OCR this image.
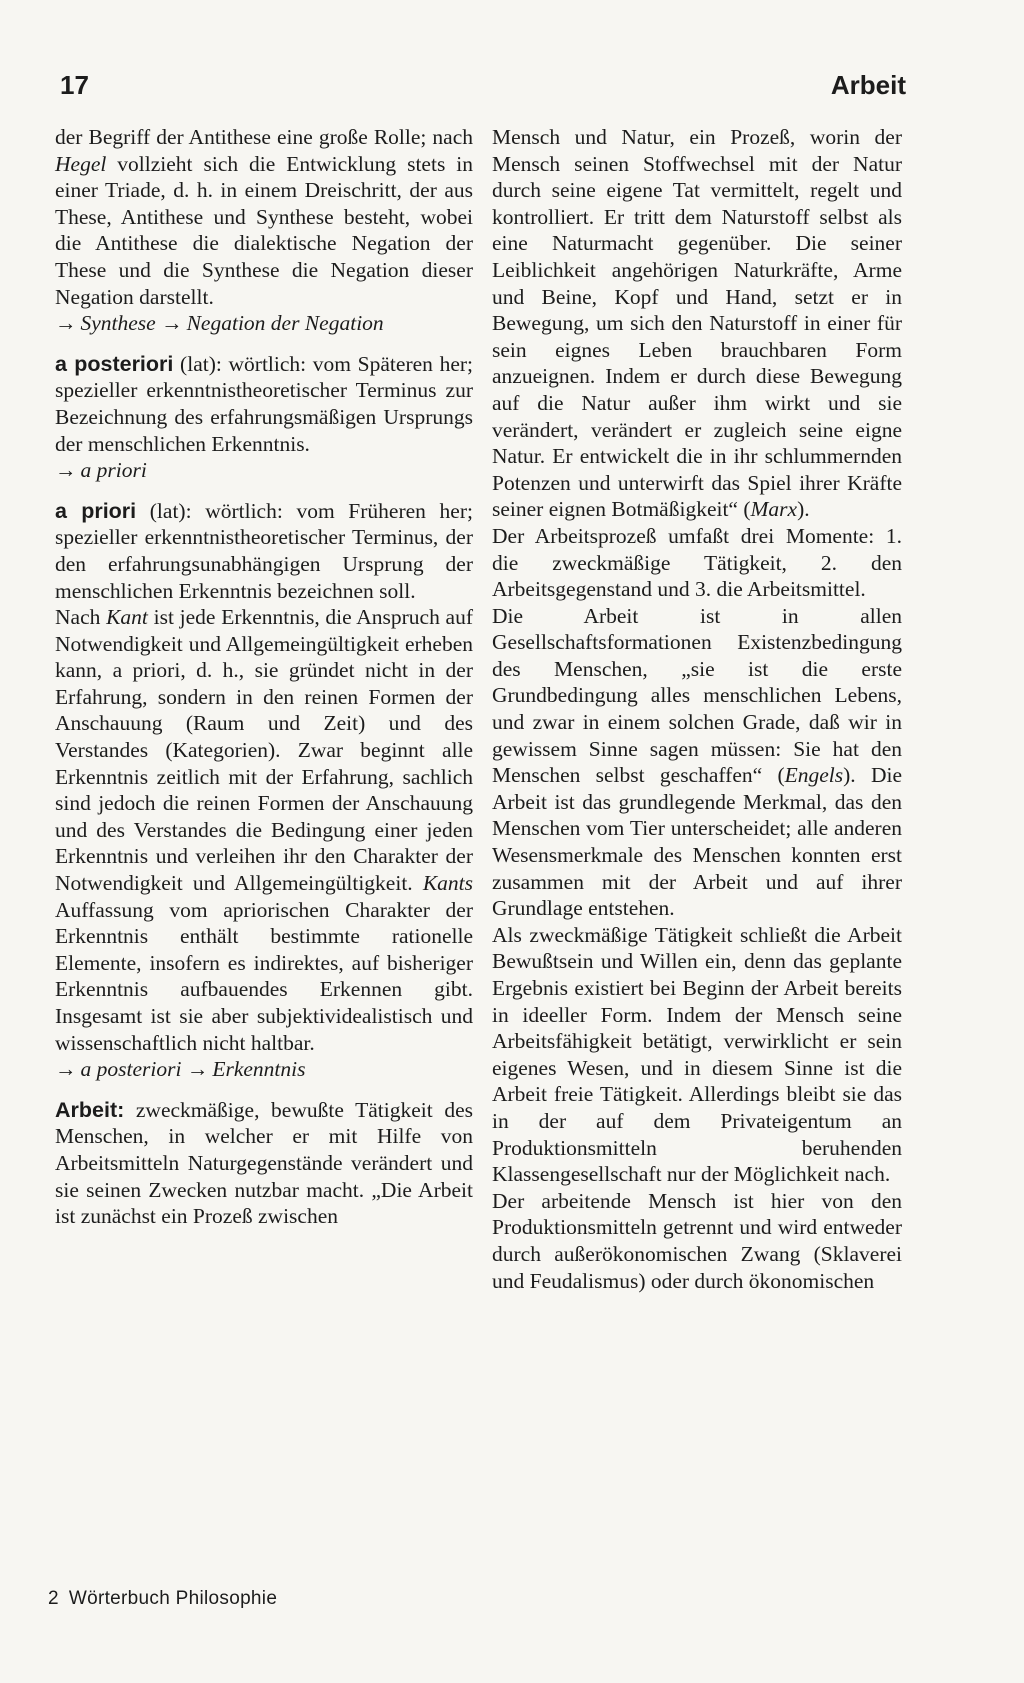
17	Arbeit

der Begriff der Antithese eine große Rolle; nach Hegel vollzieht sich die Entwicklung stets in einer Triade, d. h. in einem Dreischritt, der aus These, Antithese und Synthese besteht, wobei die Antithese die dialektische Negation der These und die Synthese die Negation dieser Negation darstellt.

→ Synthese → Negation der Negation

a posteriori (lat): wörtlich: vom Späteren her; spezieller erkenntnistheoretischer Terminus zur Bezeichnung des erfahrungsmäßigen Ursprungs der menschlichen Erkenntnis.

→ a priori

a priori (lat): wörtlich: vom Früheren her; spezieller erkenntnistheoretischer Terminus, der den erfahrungsunabhängigen Ursprung der menschlichen Erkenntnis bezeichnen soll.

Nach Kant ist jede Erkenntnis, die Anspruch auf Notwendigkeit und Allgemeingültigkeit erheben kann, a priori, d. h., sie gründet nicht in der Erfahrung, sondern in den reinen Formen der Anschauung (Raum und Zeit) und des Verstandes (Kategorien). Zwar beginnt alle Erkenntnis zeitlich mit der Erfahrung, sachlich sind jedoch die reinen Formen der Anschauung und des Verstandes die Bedingung einer jeden Erkenntnis und verleihen ihr den Charakter der Notwendigkeit und Allgemeingültigkeit. Kants Auffassung vom apriorischen Charakter der Erkenntnis enthält bestimmte rationelle Elemente, insofern es indirektes, auf bisheriger Erkenntnis aufbauendes Erkennen gibt. Insgesamt ist sie aber subjektividealistisch und wissenschaftlich nicht haltbar.

→ a posteriori → Erkenntnis

Arbeit: zweckmäßige, bewußte Tätigkeit des Menschen, in welcher er mit Hilfe von Arbeitsmitteln Naturgegenstände verändert und sie seinen Zwecken nutzbar macht. „Die Arbeit ist zunächst ein Prozeß zwischen

Mensch und Natur, ein Prozeß, worin der Mensch seinen Stoffwechsel mit der Natur durch seine eigene Tat vermittelt, regelt und kontrolliert. Er tritt dem Naturstoff selbst als eine Naturmacht gegenüber. Die seiner Leiblichkeit angehörigen Naturkräfte, Arme und Beine, Kopf und Hand, setzt er in Bewegung, um sich den Naturstoff in einer für sein eignes Leben brauchbaren Form anzueignen. Indem er durch diese Bewegung auf die Natur außer ihm wirkt und sie verändert, verändert er zugleich seine eigne Natur. Er entwickelt die in ihr schlummernden Potenzen und unterwirft das Spiel ihrer Kräfte seiner eignen Botmäßigkeit“ (Marx).

Der Arbeitsprozeß umfaßt drei Momente: 1. die zweckmäßige Tätigkeit, 2. den Arbeitsgegenstand und 3. die Arbeitsmittel.

Die Arbeit ist in allen Gesellschaftsformationen Existenzbedingung des Menschen, „sie ist die erste Grundbedingung alles menschlichen Lebens, und zwar in einem solchen Grade, daß wir in gewissem Sinne sagen müssen: Sie hat den Menschen selbst geschaffen“ (Engels). Die Arbeit ist das grundlegende Merkmal, das den Menschen vom Tier unterscheidet; alle anderen Wesensmerkmale des Menschen konnten erst zusammen mit der Arbeit und auf ihrer Grundlage entstehen.

Als zweckmäßige Tätigkeit schließt die Arbeit Bewußtsein und Willen ein, denn das geplante Ergebnis existiert bei Beginn der Arbeit bereits in ideeller Form. Indem der Mensch seine Arbeitsfähigkeit betätigt, verwirklicht er sein eigenes Wesen, und in diesem Sinne ist die Arbeit freie Tätigkeit. Allerdings bleibt sie das in der auf dem Privateigentum an Produktionsmitteln beruhenden Klassengesellschaft nur der Möglichkeit nach.

Der arbeitende Mensch ist hier von den Produktionsmitteln getrennt und wird entweder durch außerökonomischen Zwang (Sklaverei und Feudalismus) oder durch ökonomischen

2 Wörterbuch Philosophie
